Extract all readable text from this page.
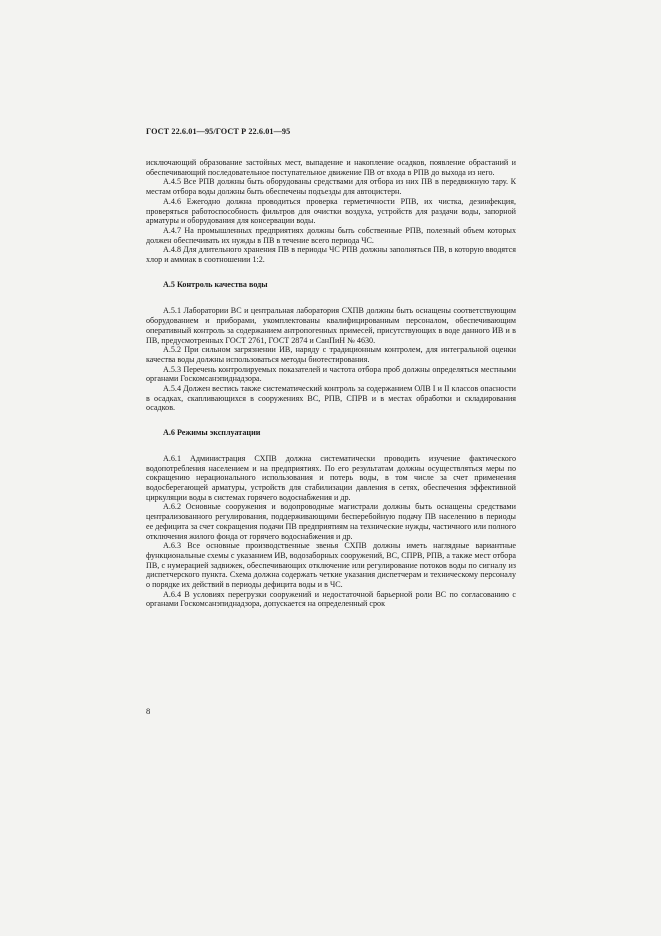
ГОСТ 22.6.01—95/ГОСТ Р 22.6.01—95

исключающий образование застойных мест, выпадение и накопление осадков, появление обрастаний и обеспечивающий последовательное поступательное движение ПВ от входа в РПВ до выхода из него.

А.4.5 Все РПВ должны быть оборудованы средствами для отбора из них ПВ в передвижную тару. К местам отбора воды должны быть обеспечены подъезды для автоцистерн.

А.4.6 Ежегодно должна проводиться проверка герметичности РПВ, их чистка, дезинфекция, проверяться работоспособность фильтров для очистки воздуха, устройств для раздачи воды, запорной арматуры и оборудования для консервации воды.

А.4.7 На промышленных предприятиях должны быть собственные РПВ, полезный объем которых должен обеспечивать их нужды в ПВ в течение всего периода ЧС.

А.4.8 Для длительного хранения ПВ в периоды ЧС РПВ должны заполняться ПВ, в которую вводятся хлор и аммиак в соотношении 1:2.

А.5 Контроль качества воды

А.5.1 Лаборатории ВС и центральная лаборатория СХПВ должны быть оснащены соответствующим оборудованием и приборами, укомплектованы квалифицированным персоналом, обеспечивающим оперативный контроль за содержанием антропогенных примесей, присутствующих в воде данного ИВ и в ПВ, предусмотренных ГОСТ 2761, ГОСТ 2874 и СанПиН № 4630.

А.5.2 При сильном загрязнении ИВ, наряду с традиционным контролем, для интегральной оценки качества воды должны использоваться методы биотестирования.

А.5.3 Перечень контролируемых показателей и частота отбора проб должны определяться местными органами Госкомсанэпиднадзора.

А.5.4 Должен вестись также систематический контроль за содержанием ОЛВ I и II классов опасности в осадках, скапливающихся в сооружениях ВС, РПВ, СПРВ и в местах обработки и складирования осадков.

А.6 Режимы эксплуатации

А.6.1 Администрация СХПВ должна систематически проводить изучение фактического водопотребления населением и на предприятиях. По его результатам должны осуществляться меры по сокращению нерационального использования и потерь воды, в том числе за счет применения водосберегающей арматуры, устройств для стабилизации давления в сетях, обеспечения эффективной циркуляции воды в системах горячего водоснабжения и др.

А.6.2 Основные сооружения и водопроводные магистрали должны быть оснащены средствами централизованного регулирования, поддерживающими бесперебойную подачу ПВ населению в периоды ее дефицита за счет сокращения подачи ПВ предприятиям на технические нужды, частичного или полного отключения жилого фонда от горячего водоснабжения и др.

А.6.3 Все основные производственные звенья СХПВ должны иметь наглядные вариантные функциональные схемы с указанием ИВ, водозаборных сооружений, ВС, СПРВ, РПВ, а также мест отбора ПВ, с нумерацией задвижек, обеспечивающих отключение или регулирование потоков воды по сигналу из диспетчерского пункта. Схема должна содержать четкие указания диспетчерам и техническому персоналу о порядке их действий в периоды дефицита воды и в ЧС.

А.6.4 В условиях перегрузки сооружений и недостаточной барьерной роли ВС по согласованию с органами Госкомсанэпиднадзора, допускается на определенный срок

8
